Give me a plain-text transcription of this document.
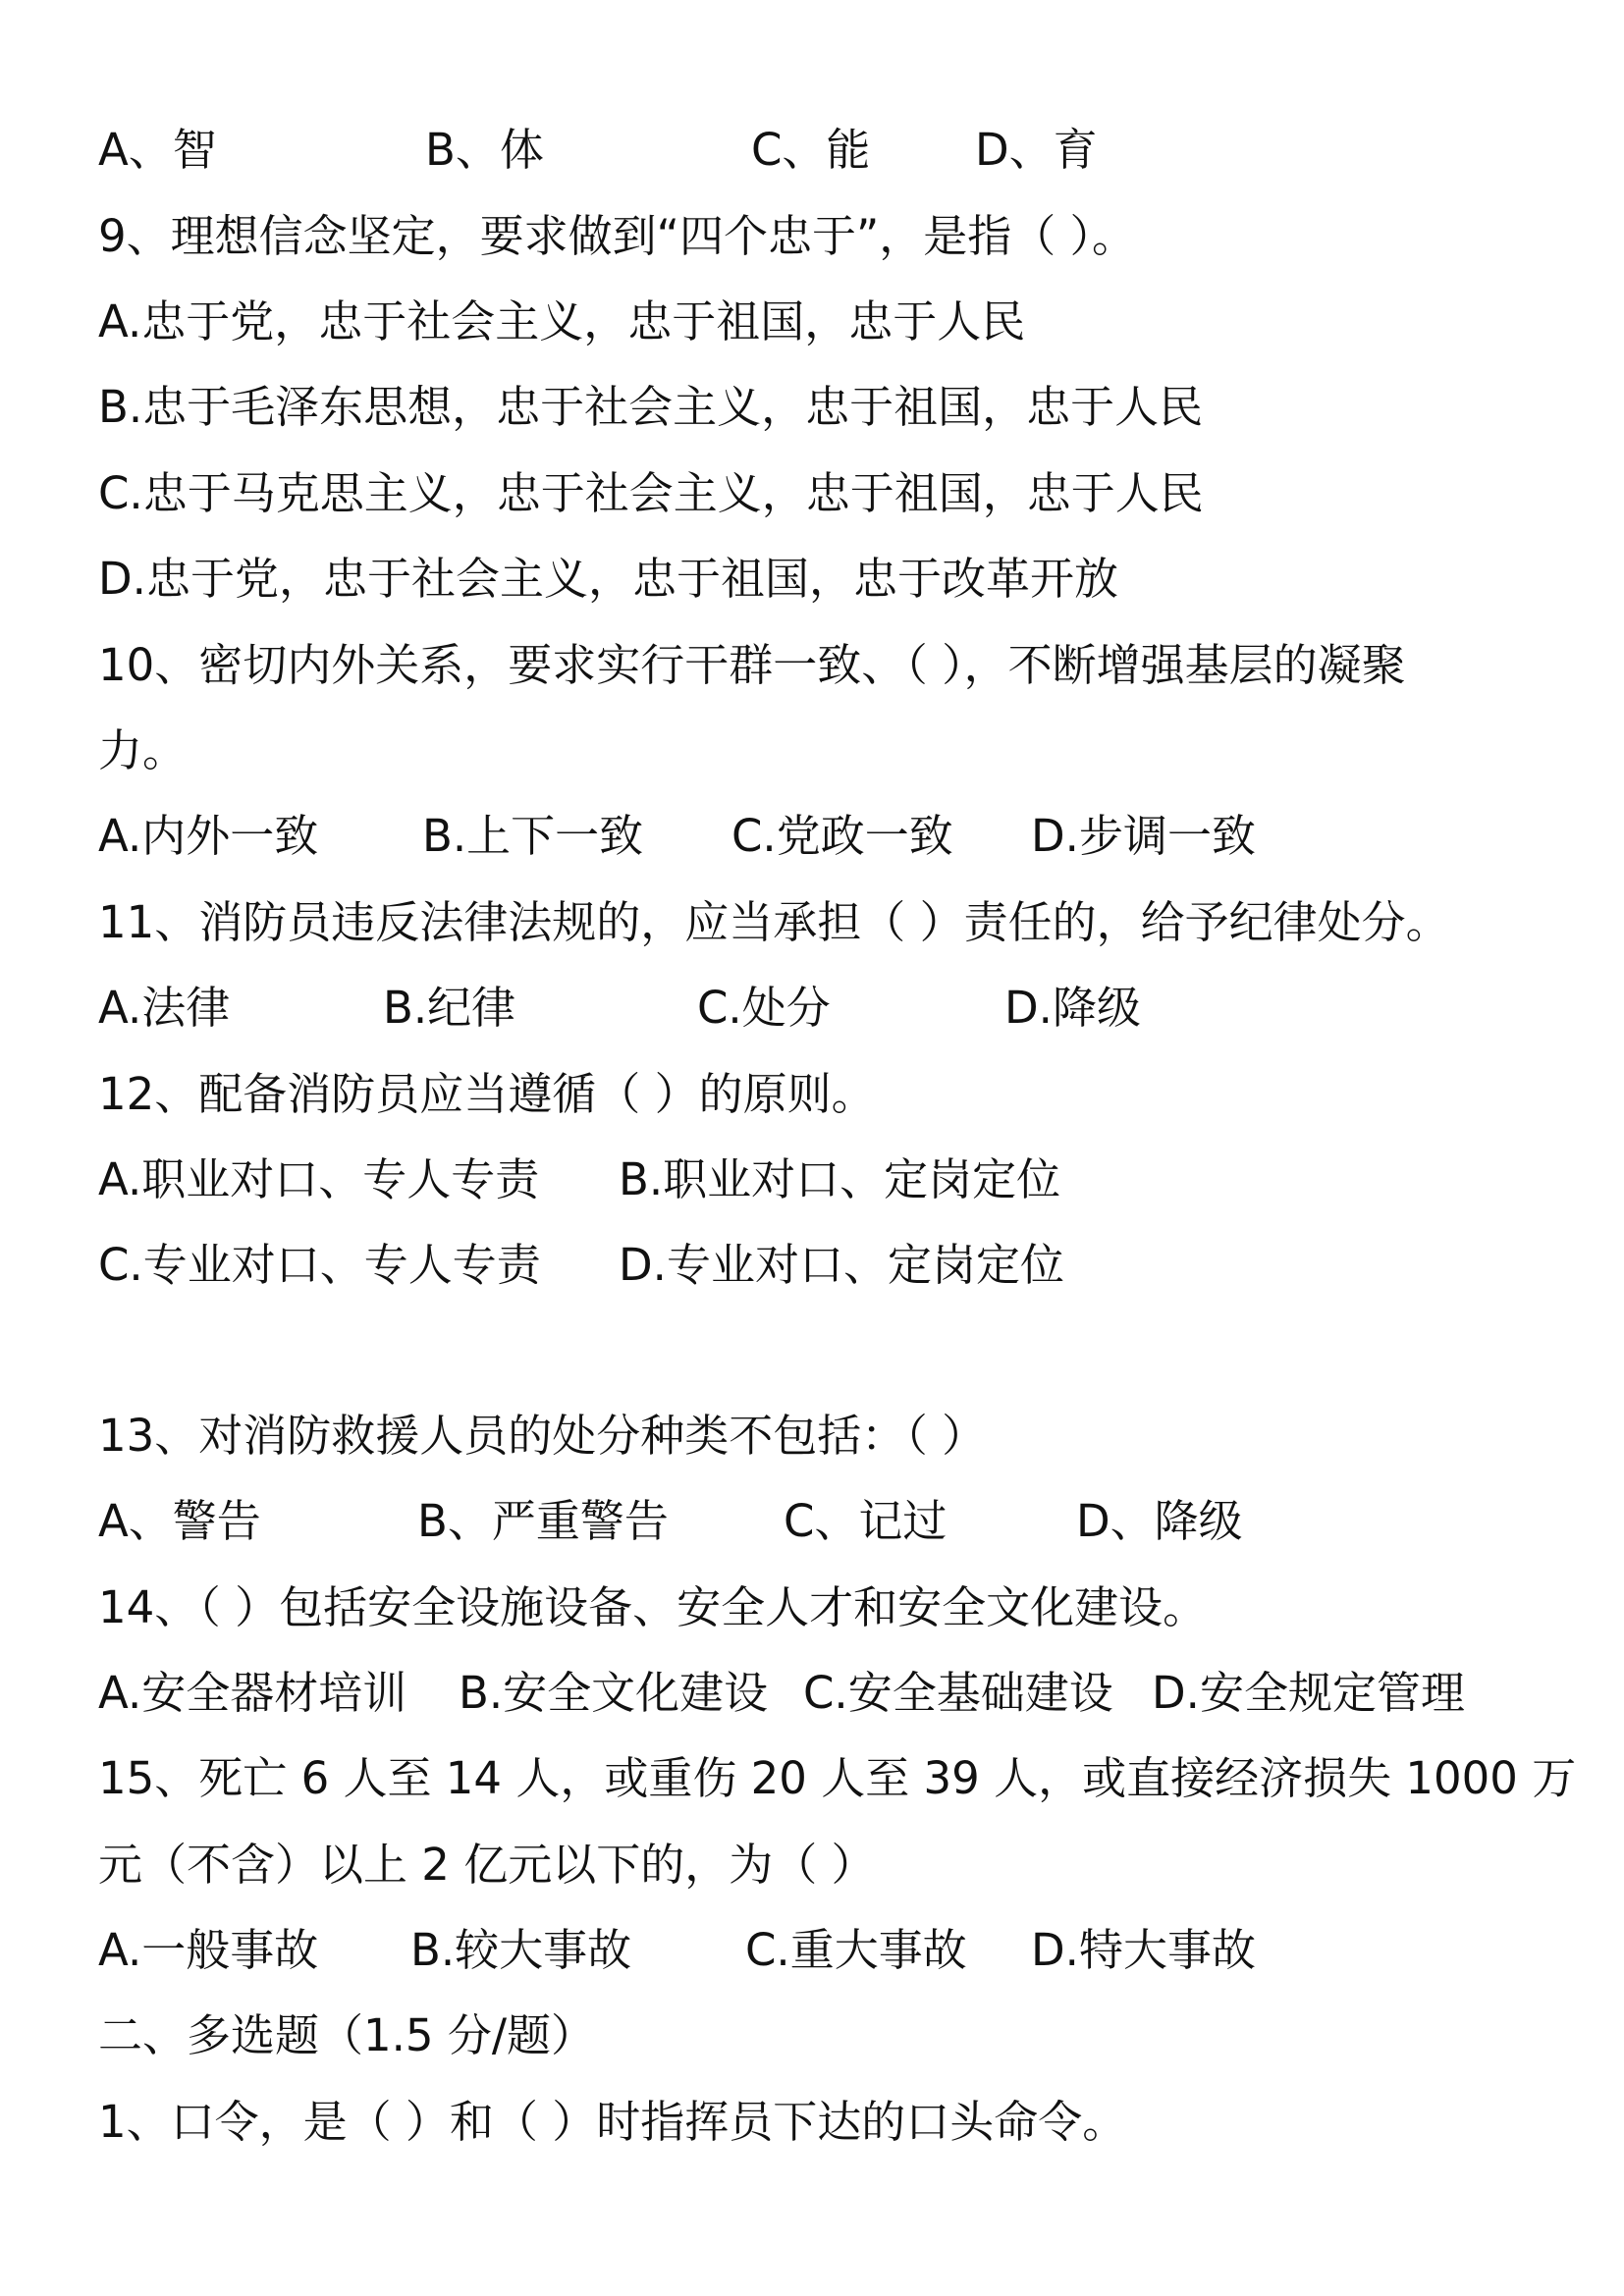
A、智	B、体	C、能 D、育
9、理想信念坚定，要求做到“四个忠于”，是指（ ）。
A.忠于党，忠于社会主义，忠于祖国，忠于人民
B.忠于毛泽东思想，忠于社会主义，忠于祖国，忠于人民
C.忠于马克思主义，忠于社会主义，忠于祖国，忠于人民
D.忠于党，忠于社会主义，忠于祖国，忠于改革开放
10、密切内外关系，要求实行干群一致、（ ），不断增强基层的凝聚
力。
A.内外一致 B.上下一致 C.党政一致 D.步调一致
11、消防员违反法律法规的，应当承担（ ）责任的，给予纪律处分。
A.法律	B.纪律	C.处分	D.降级
12、配备消防员应当遵循（ ）的原则。
A.职业对口、专人专责 B.职业对口、定岗定位
C.专业对口、专人专责 D.专业对口、定岗定位
13、对消防救援人员的处分种类不包括：（ ）
A、警告	B、严重警告	C、记过	D、降级
14、（ ）包括安全设施设备、安全人才和安全文化建设。
A.安全器材培训 B.安全文化建设 C.安全基础建设 D.安全规定管理
15、死亡 6 人至 14 人，或重伤 20 人至 39 人，或直接经济损失 1000 万
元（不含）以上 2 亿元以下的，为（ ）
A.一般事故 B.较大事故	C.重大事故 D.特大事故
二、多选题（1.5 分/题）
1、口令，是（ ）和（ ）时指挥员下达的口头命令。
